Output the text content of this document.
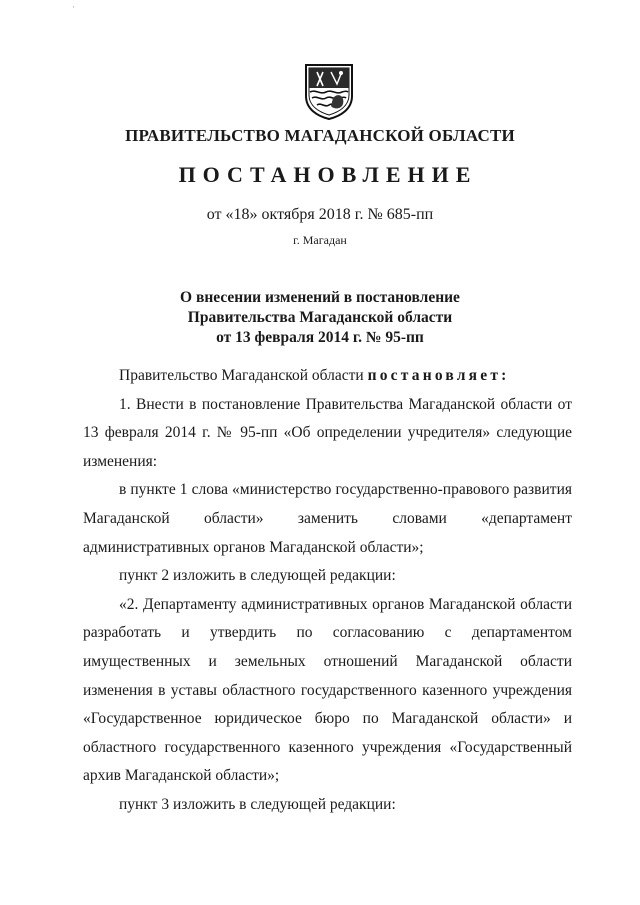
·
ПРАВИТЕЛЬСТВО МАГАДАНСКОЙ ОБЛАСТИ
ПОСТАНОВЛЕНИЕ
от «18» октября 2018 г. № 685-пп
г. Магадан
О внесении изменений в постановление
Правительства Магаданской области
от 13 февраля 2014 г. № 95-пп

Правительство Магаданской области постановляет:

1. Внести в постановление Правительства Магаданской области от 13 февраля 2014 г. № 95-пп «Об определении учредителя» следующие изменения:

в пункте 1 слова «министерство государственно-правового развития Магаданской области» заменить словами «департамент административных органов Магаданской области»;

пункт 2 изложить в следующей редакции:

«2. Департаменту административных органов Магаданской области разработать и утвердить по согласованию с департаментом имущественных и земельных отношений Магаданской области изменения в уставы областного государственного казенного учреждения «Государственное юридическое бюро по Магаданской области» и областного государственного казенного учреждения «Государственный архив Магаданской области»;

пункт 3 изложить в следующей редакции:
